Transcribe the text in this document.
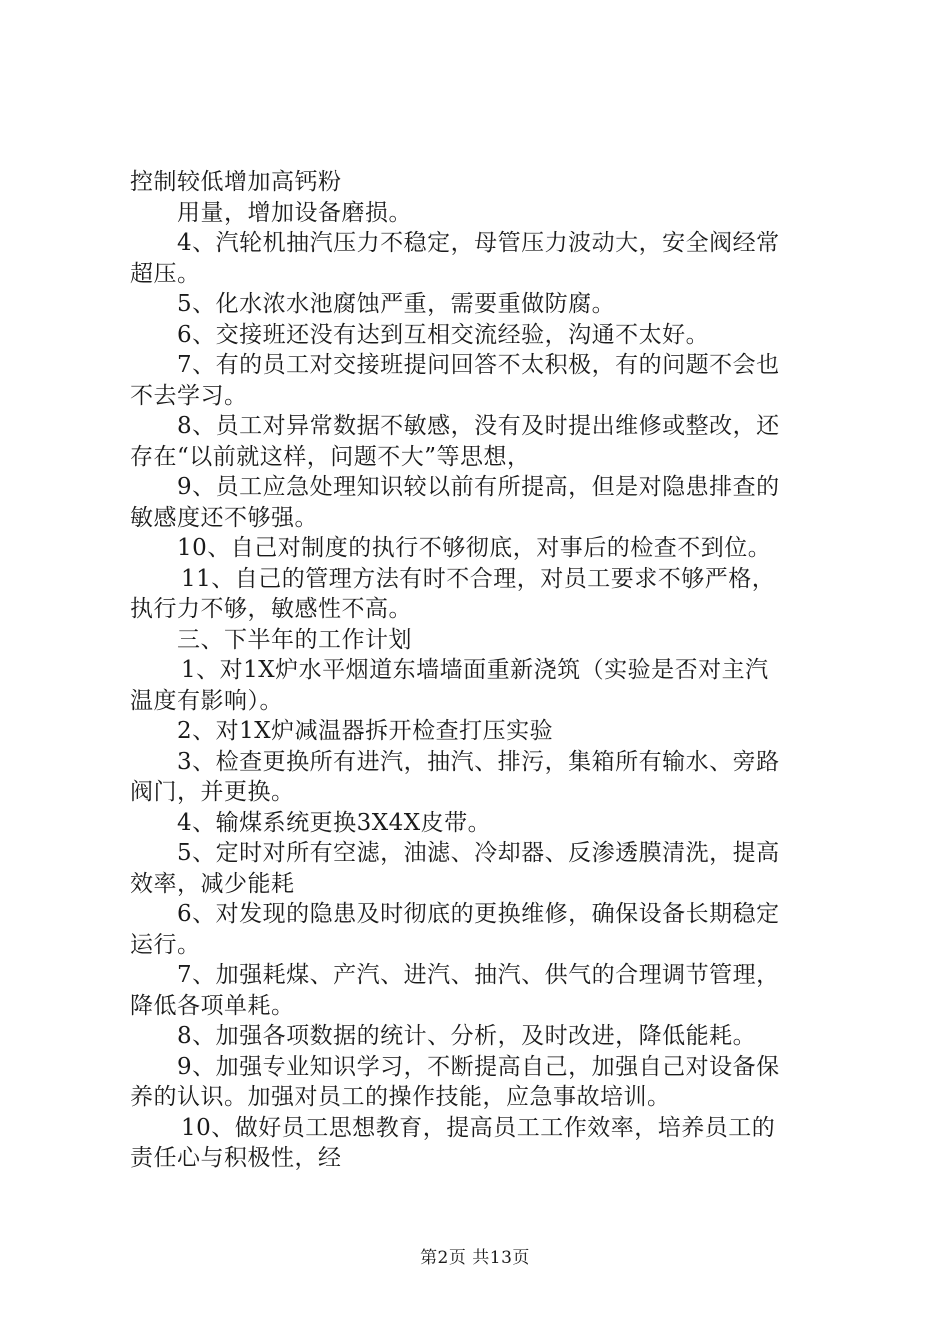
控制较低增加高钙粉
用量，增加设备磨损。
4、汽轮机抽汽压力不稳定，母管压力波动大，安全阀经常
超压。
5、化水浓水池腐蚀严重，需要重做防腐。
6、交接班还没有达到互相交流经验，沟通不太好。
7、有的员工对交接班提问回答不太积极，有的问题不会也
不去学习。
8、员工对异常数据不敏感，没有及时提出维修或整改，还
存在“以前就这样，问题不大”等思想，
9、员工应急处理知识较以前有所提高，但是对隐患排查的
敏感度还不够强。
10、自己对制度的执行不够彻底，对事后的检查不到位。
11、自己的管理方法有时不合理，对员工要求不够严格，
执行力不够，敏感性不高。
三、下半年的工作计划
1、对1X炉水平烟道东墙墙面重新浇筑（实验是否对主汽
温度有影响）。
2、对1X炉减温器拆开检查打压实验
3、检查更换所有进汽，抽汽、排污，集箱所有输水、旁路
阀门，并更换。
4、输煤系统更换3X4X皮带。
5、定时对所有空滤，油滤、冷却器、反渗透膜清洗，提高
效率，减少能耗
6、对发现的隐患及时彻底的更换维修，确保设备长期稳定
运行。
7、加强耗煤、产汽、进汽、抽汽、供气的合理调节管理，
降低各项单耗。
8、加强各项数据的统计、分析，及时改进，降低能耗。
9、加强专业知识学习，不断提高自己，加强自己对设备保
养的认识。加强对员工的操作技能，应急事故培训。
10、做好员工思想教育，提高员工工作效率，培养员工的
责任心与积极性，经
第2页 共13页
